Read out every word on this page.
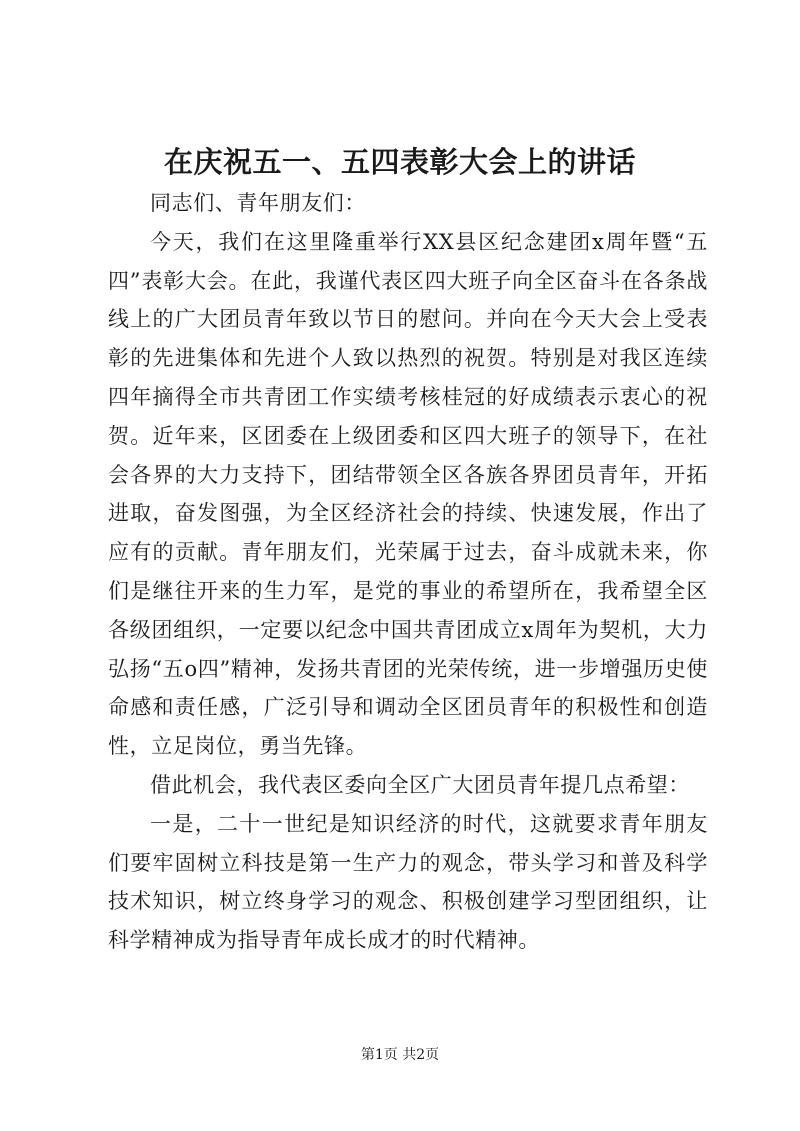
在庆祝五一、五四表彰大会上的讲话

同志们、青年朋友们：

今天，我们在这里隆重举行XX县区纪念建团x周年暨“五四”表彰大会。在此，我谨代表区四大班子向全区奋斗在各条战线上的广大团员青年致以节日的慰问。并向在今天大会上受表彰的先进集体和先进个人致以热烈的祝贺。特别是对我区连续四年摘得全市共青团工作实绩考核桂冠的好成绩表示衷心的祝贺。近年来，区团委在上级团委和区四大班子的领导下，在社会各界的大力支持下，团结带领全区各族各界团员青年，开拓进取，奋发图强，为全区经济社会的持续、快速发展，作出了应有的贡献。青年朋友们，光荣属于过去，奋斗成就未来，你们是继往开来的生力军，是党的事业的希望所在，我希望全区各级团组织，一定要以纪念中国共青团成立x周年为契机，大力弘扬“五o四”精神，发扬共青团的光荣传统，进一步增强历史使命感和责任感，广泛引导和调动全区团员青年的积极性和创造性，立足岗位，勇当先锋。

借此机会，我代表区委向全区广大团员青年提几点希望：

一是，二十一世纪是知识经济的时代，这就要求青年朋友们要牢固树立科技是第一生产力的观念，带头学习和普及科学技术知识，树立终身学习的观念、积极创建学习型团组织，让科学精神成为指导青年成长成才的时代精神。

第1页 共2页
